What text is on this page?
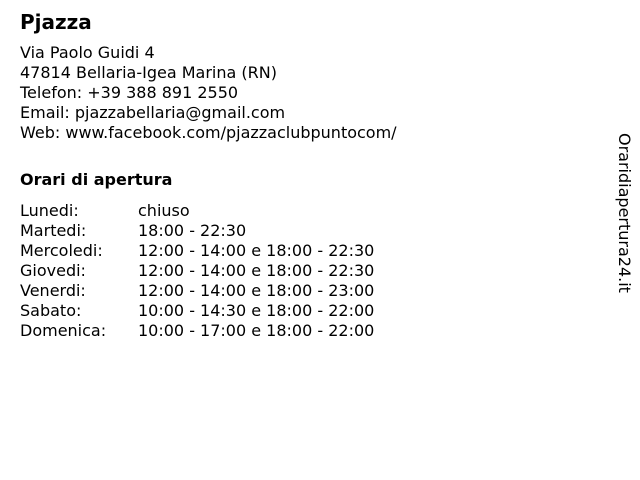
Pjazza
Via Paolo Guidi 4
47814 Bellaria-Igea Marina (RN)
Telefon: +39 388 891 2550
Email: pjazzabellaria@gmail.com
Web: www.facebook.com/pjazzaclubpuntocom/
Orari di apertura
Lunedi:	chiuso
Martedi:	18:00 - 22:30
Mercoledi:	12:00 - 14:00 e 18:00 - 22:30
Giovedi:	12:00 - 14:00 e 18:00 - 22:30
Venerdi:	12:00 - 14:00 e 18:00 - 23:00
Sabato:	10:00 - 14:30 e 18:00 - 22:00
Domenica:	10:00 - 17:00 e 18:00 - 22:00
Oraridiapertura24.it
